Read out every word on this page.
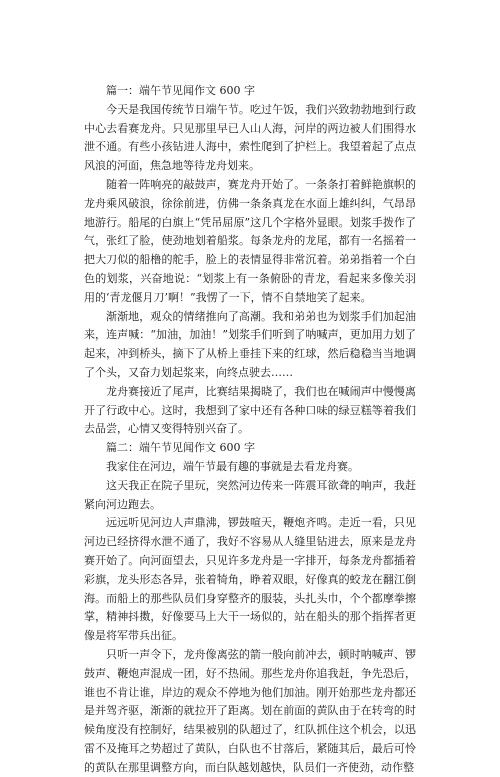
篇一：端午节见闻作文 600 字

今天是我国传统节日端午节。吃过午饭，我们兴致勃勃地到行政中心去看赛龙舟。只见那里早已人山人海，河岸的两边被人们围得水泄不通。有些小孩钻进人海中，索性爬到了护栏上。我望着起了点点风浪的河面，焦急地等待龙舟划来。

随着一阵响亮的敲鼓声，赛龙舟开始了。一条条打着鲜艳旗帜的龙舟乘风破浪，徐徐前进，仿佛一条条真龙在水面上雄纠纠，气昂昂地游行。船尾的白旗上“凭吊屈原”这几个字格外显眼。划浆手拨作了气，张红了脸，使劲地划着船浆。每条龙舟的龙尾，都有一名摇着一把大刀似的船橹的舵手，脸上的表情显得非常沉着。弟弟指着一个白色的划浆，兴奋地说：“划浆上有一条俯卧的青龙，看起来多像关羽用的‘青龙偃月刀’啊！”我愣了一下，情不自禁地笑了起来。

渐渐地，观众的情绪推向了高潮。我和弟弟也为划浆手们加起油来，连声喊：“加油，加油！”划浆手们听到了呐喊声，更加用力划了起来，冲到桥头，摘下了从桥上垂挂下来的红球，然后稳稳当当地调了个头，又奋力划起浆来，向终点驶去……

龙舟赛接近了尾声，比赛结果揭晓了，我们也在喊闹声中慢慢离开了行政中心。这时，我想到了家中还有各种口味的绿豆糕等着我们去品尝，心情又变得特别兴奋了。

篇二：端午节见闻作文 600 字

我家住在河边，端午节最有趣的事就是去看龙舟赛。

这天我正在院子里玩，突然河边传来一阵震耳欲聋的响声，我赶紧向河边跑去。

远远听见河边人声鼎沸，锣鼓喧天，鞭炮齐鸣。走近一看，只见河边已经挤得水泄不通了，我好不容易从人缝里钻进去，原来是龙舟赛开始了。向河面望去，只见许多龙舟是一字排开，每条龙舟都插着彩旗，龙头形态各异，张着犄角，睁着双眼，好像真的蛟龙在翻江倒海。而船上的那些队员们身穿整齐的服装，头扎头巾，个个都摩拳擦掌，精神抖擞，好像要马上大干一场似的，站在船头的那个指挥者更像是将军带兵出征。

只听一声令下，龙舟像离弦的箭一般向前冲去，顿时呐喊声、锣鼓声、鞭炮声混成一团，好不热闹。那些龙舟你追我赶，争先恐后，谁也不肯让谁，岸边的观众不停地为他们加油。刚开始那些龙舟都还是并驾齐驱，渐渐的就拉开了距离。划在前面的黄队由于在转弯的时候角度没有控制好，结果被别的队超过了，红队抓住这个机会，以迅雷不及掩耳之势超过了黄队，白队也不甘落后，紧随其后，最后可怜的黄队在那里调整方向，而白队越划越快，队员们一齐使劲，动作整
